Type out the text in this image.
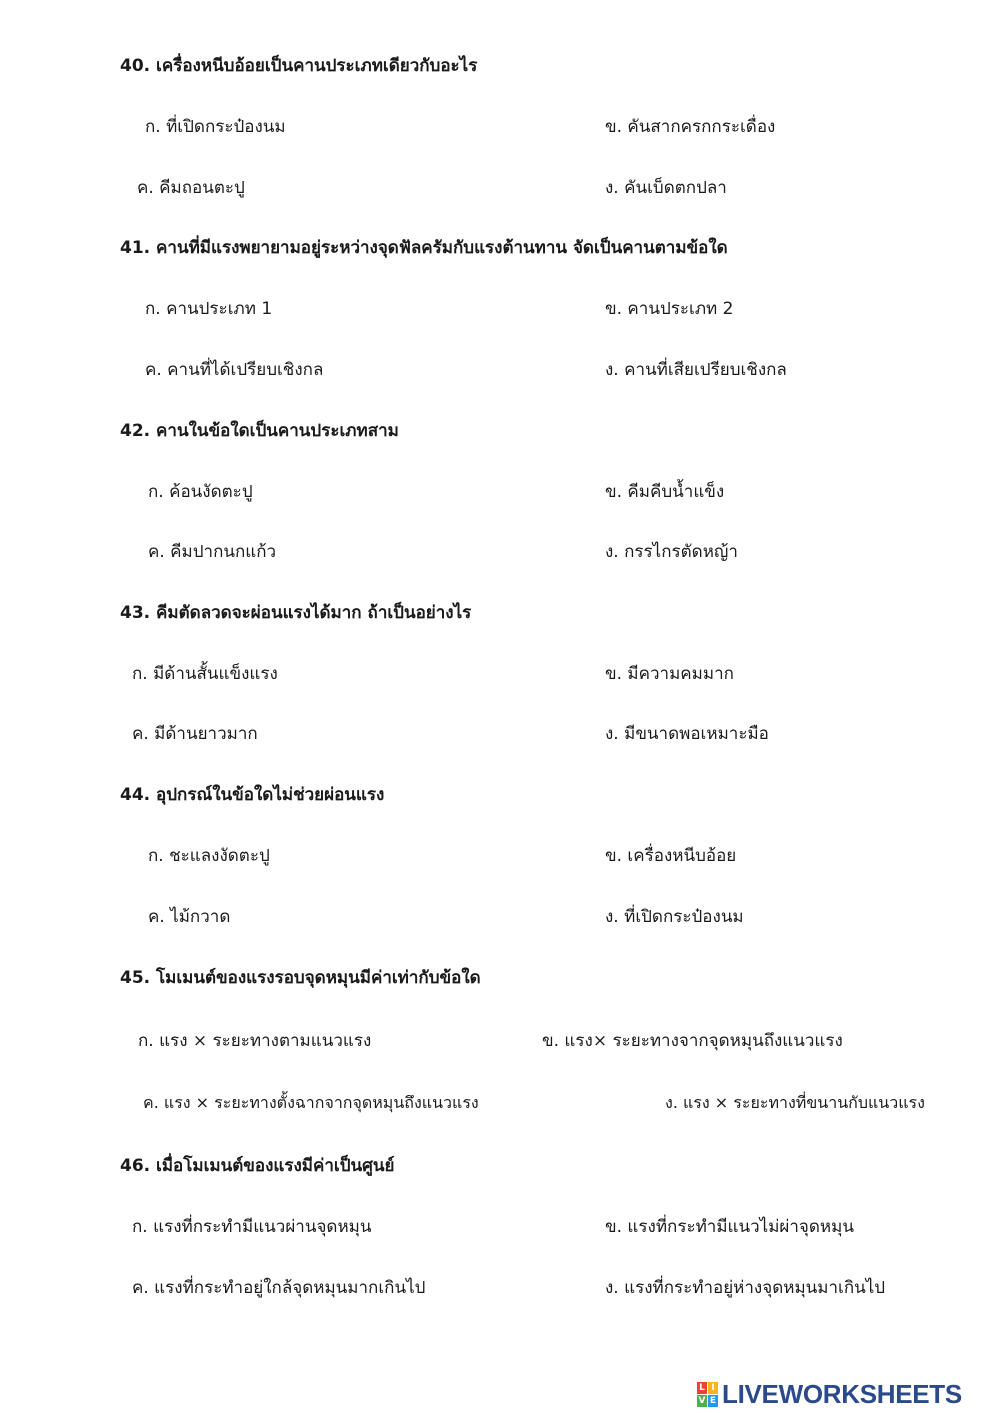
40. เครื่องหนีบอ้อยเป็นคานประเภทเดียวกับอะไร
ก. ที่เปิดกระป๋องนม	ข. คันสากครกกระเดื่อง
ค. คีมถอนตะปู	ง. คันเบ็ดตกปลา
41. คานที่มีแรงพยายามอยู่ระหว่างจุดฟัลครัมกับแรงต้านทาน จัดเป็นคานตามข้อใด
ก. คานประเภท 1	ข. คานประเภท 2
ค. คานที่ได้เปรียบเชิงกล	ง. คานที่เสียเปรียบเชิงกล
42. คานในข้อใดเป็นคานประเภทสาม
ก. ค้อนงัดตะปู	ข. คีมคีบน้ำแข็ง
ค. คีมปากนกแก้ว	ง. กรรไกรตัดหญ้า
43. คีมตัดลวดจะผ่อนแรงได้มาก ถ้าเป็นอย่างไร
ก. มีด้านสั้นแข็งแรง	ข. มีความคมมาก
ค. มีด้านยาวมาก	ง. มีขนาดพอเหมาะมือ
44. อุปกรณ์ในข้อใดไม่ช่วยผ่อนแรง
ก. ชะแลงงัดตะปู	ข. เครื่องหนีบอ้อย
ค. ไม้กวาด	ง. ที่เปิดกระป๋องนม
45. โมเมนต์ของแรงรอบจุดหมุนมีค่าเท่ากับข้อใด
ก. แรง × ระยะทางตามแนวแรง	ข. แรง× ระยะทางจากจุดหมุนถึงแนวแรง
ค. แรง × ระยะทางตั้งฉากจากจุดหมุนถึงแนวแรง	ง. แรง × ระยะทางที่ขนานกับแนวแรง
46. เมื่อโมเมนต์ของแรงมีค่าเป็นศูนย์
ก. แรงที่กระทำมีแนวผ่านจุดหมุน	ข. แรงที่กระทำมีแนวไม่ผ่าจุดหมุน
ค. แรงที่กระทำอยู่ใกล้จุดหมุนมากเกินไป	ง. แรงที่กระทำอยู่ห่างจุดหมุนมาเกินไป
L I
V E LIVEWORKSHEETS
